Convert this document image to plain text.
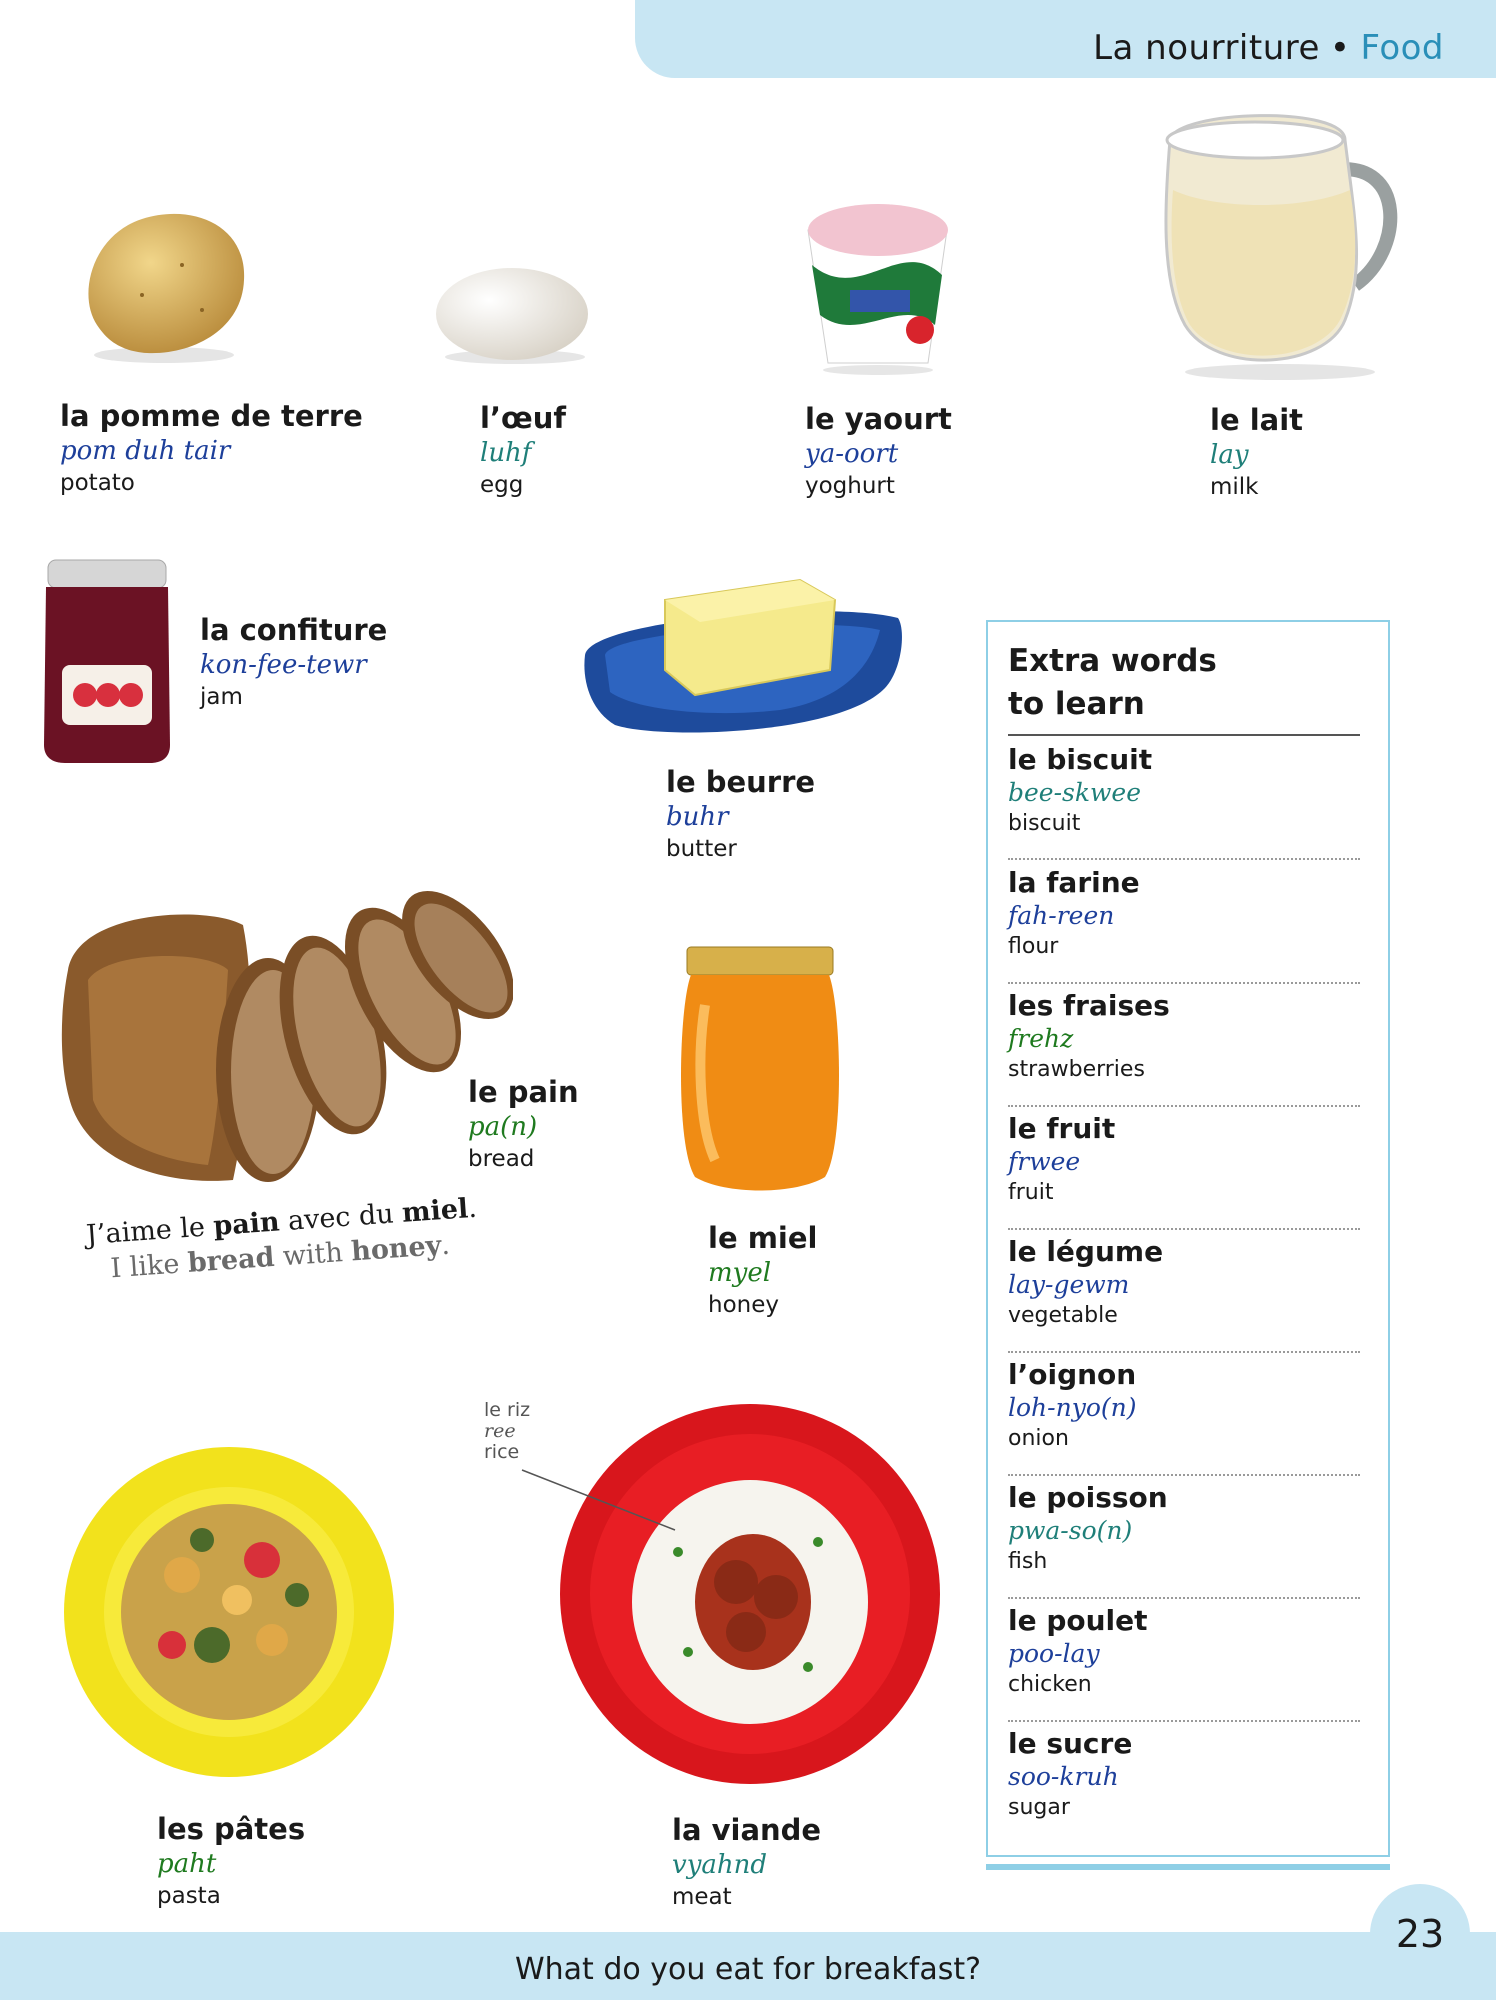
La nourriture • Food
la pomme de terre
pom duh tair
potato
l’œuf
luhf
egg
le yaourt
ya-oort
yoghurt
le lait
lay
milk
la confiture
kon-fee-tewr
jam
le beurre
buhr
butter
le pain
pa(n)
bread
le miel
myel
honey
les pâtes
paht
pasta
la viande
vyahnd
meat
J’aime le pain avec du miel.
I like bread with honey.
le riz
ree
rice
Extra words
to learn
le biscuit
bee-skwee
biscuit
la farine
fah-reen
flour
les fraises
frehz
strawberries
le fruit
frwee
fruit
le légume
lay-gewm
vegetable
l’oignon
loh-nyo(n)
onion
le poisson
pwa-so(n)
fish
le poulet
poo-lay
chicken
le sucre
soo-kruh
sugar
23
What do you eat for breakfast?
